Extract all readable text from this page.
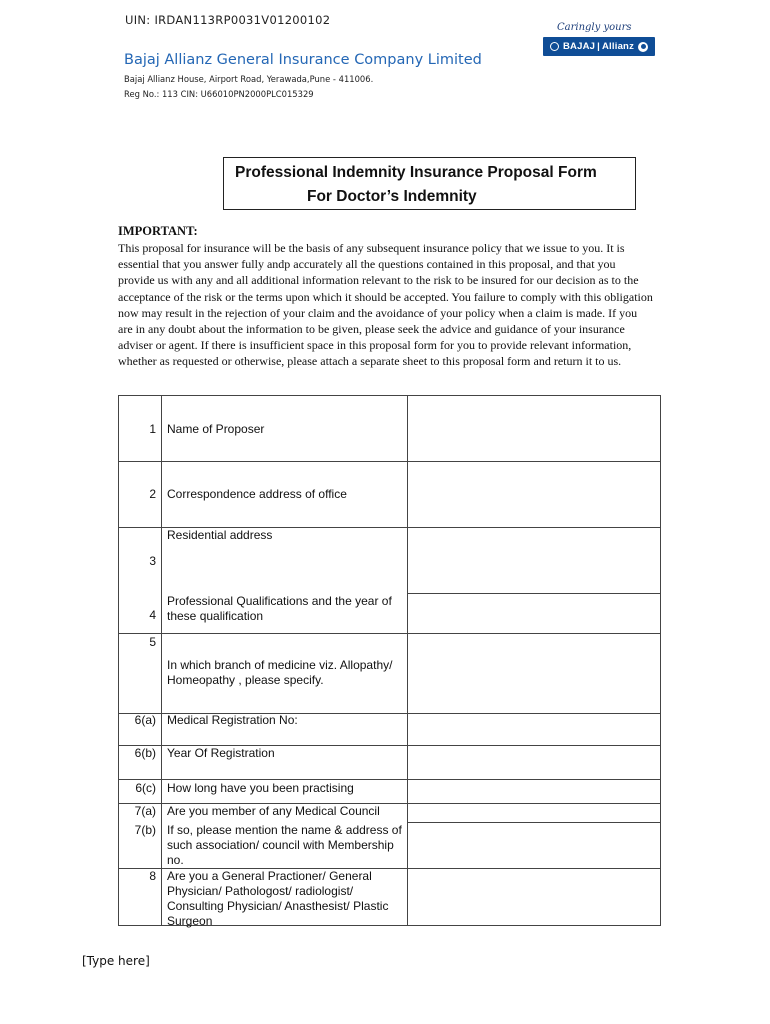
UIN: IRDAN113RP0031V01200102
Caringly yours
BAJAJ | Allianz
Bajaj Allianz General Insurance Company Limited
Bajaj Allianz House, Airport Road, Yerawada,Pune - 411006.
Reg No.: 113 CIN: U66010PN2000PLC015329
Professional Indemnity Insurance Proposal Form
For Doctor’s Indemnity
IMPORTANT:
This proposal for insurance will be the basis of any subsequent insurance policy that we issue to you. It is essential that you answer fully andp accurately all the questions contained in this proposal, and that you provide us with any and all additional information relevant to the risk to be insured for our decision as to the acceptance of the risk or the terms upon which it should be accepted. You failure to comply with this obligation now may result in the rejection of your claim and the avoidance of your policy when a claim is made. If you are in any doubt about the information to be given, please seek the advice and guidance of your insurance adviser or agent. If there is insufficient space in this proposal form for you to provide relevant information, whether as requested or otherwise, please attach a separate sheet to this proposal form and return it to us.
1 Name of Proposer
2 Correspondence address of office
3
Residential address
4
Professional Qualifications and the year of these qualification
5
In which branch of medicine viz. Allopathy/ Homeopathy , please specify.
6(a) Medical Registration No:
6(b) Year Of Registration
6(c) How long have you been practising
7(a) Are you member of any Medical Council
7(b) If so, please mention the name & address of such association/ council with Membership no.
8 Are you a General Practioner/ General Physician/ Pathologost/ radiologist/ Consulting Physician/ Anasthesist/ Plastic Surgeon
[Type here]
